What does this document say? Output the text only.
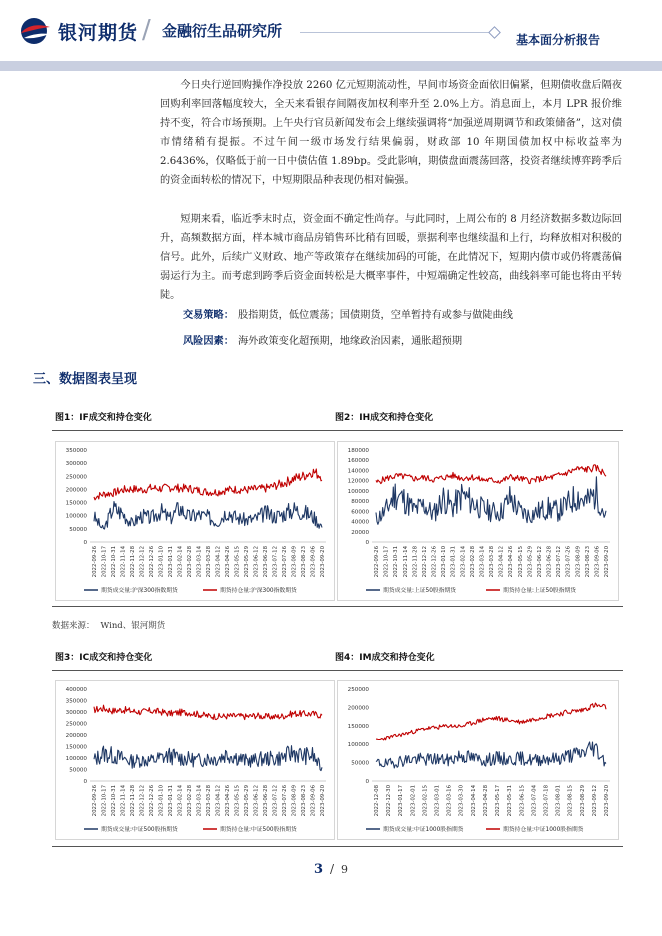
银河期货 / 金融衍生品研究所	基本面分析报告

今日央行逆回购操作净投放 2260 亿元短期流动性，早间市场资金面依旧偏紧，但期债收盘后隔夜回购利率回落幅度较大，全天来看银存间隔夜加权利率升至 2.0%上方。消息面上，本月 LPR 报价维持不变，符合市场预期。上午央行官员新闻发布会上继续强调将“加强逆周期调节和政策储备”，这对债市情绪稍有提振。不过午间一级市场发行结果偏弱，财政部 10 年期国债加权中标收益率为 2.6436%，仅略低于前一日中债估值 1.89bp。受此影响，期债盘面震荡回落，投资者继续博弈跨季后的资金面转松的情况下，中短期限品种表现仍相对偏强。

短期来看，临近季末时点，资金面不确定性尚存。与此同时，上周公布的 8 月经济数据多数边际回升，高频数据方面，样本城市商品房销售环比稍有回暖，票据利率也继续温和上行，均释放相对积极的信号。此外，后续广义财政、地产等政策存在继续加码的可能，在此情况下，短期内债市或仍将震荡偏弱运行为主。而考虑到跨季后资金面转松是大概率事件，中短端确定性较高，曲线斜率可能也将由平转陡。

交易策略： 股指期货，低位震荡；国债期货，空单暂持有或参与做陡曲线
风险因素： 海外政策变化超预期，地缘政治因素，通胀超预期
三、数据图表呈现
图1：IF成交和持仓变化	图2：IH成交和持仓变化
350000
300000
250000
200000
150000
100000
50000
0
2022-09-26 2022-10-17 2022-10-31 2022-11-14 2022-11-28 2022-12-12 2022-12-26 2023-01-10 2023-01-31 2023-02-14 2023-02-28 2023-03-14 2023-03-28 2023-04-12 2023-04-26 2023-05-15 2023-05-29 2023-06-12 2023-06-28 2023-07-12 2023-07-26 2023-08-09 2023-08-23 2023-09-06 2023-09-20
期货成交量:沪深300指数期货	期货持仓量:沪深300指数期货
180000
160000
140000
120000
100000
80000
60000
40000
20000
0
2022-09-26 2022-10-17 2022-10-31 2022-11-14 2022-11-28 2022-12-12 2022-12-26 2023-01-10 2023-01-31 2023-02-14 2023-02-28 2023-03-14 2023-03-28 2023-04-12 2023-04-26 2023-05-15 2023-05-29 2023-06-12 2023-06-28 2023-07-12 2023-07-26 2023-08-09 2023-08-23 2023-09-06 2023-09-20
期货成交量:上证50股指期货	期货持仓量:上证50股指期货
数据来源： Wind、银河期货
图3：IC成交和持仓变化	图4：IM成交和持仓变化
400000
350000
300000
250000
200000
150000
100000
50000
0
2022-09-26 2022-10-17 2022-10-31 2022-11-14 2022-11-28 2022-12-12 2022-12-26 2023-01-10 2023-01-31 2023-02-14 2023-02-28 2023-03-14 2023-03-28 2023-04-12 2023-04-26 2023-05-15 2023-05-29 2023-06-12 2023-06-28 2023-07-12 2023-07-26 2023-08-09 2023-08-23 2023-09-06 2023-09-20
期货成交量:中证500股指期货	期货持仓量:中证500股指期货
250000
200000
150000
100000
50000
0
2022-12-08 2022-12-30 2023-01-17 2023-02-01 2023-02-15 2023-03-01 2023-03-16 2023-03-30 2023-04-14 2023-04-28 2023-05-17 2023-05-31 2023-06-15 2023-07-04 2023-07-18 2023-08-01 2023-08-15 2023-08-29 2023-09-12 2023-09-20
期货成交量:中证1000股指期货	期货持仓量:中证1000股指期货
3 / 9
